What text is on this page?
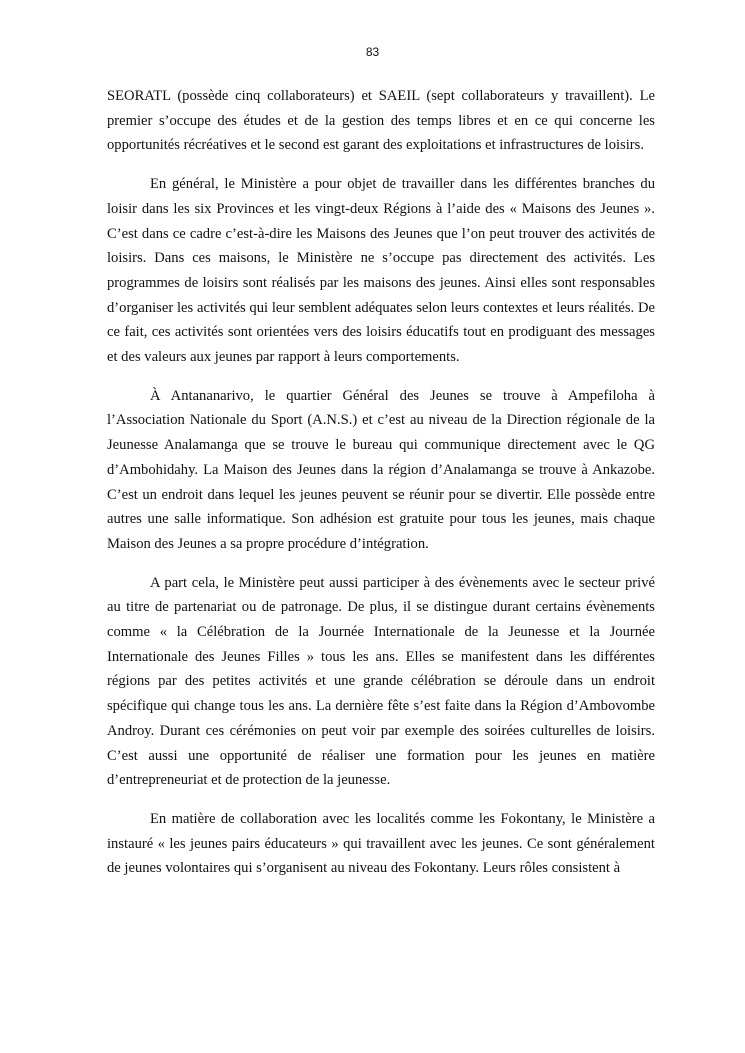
83

SEORATL (possède cinq collaborateurs) et SAEIL (sept collaborateurs y travaillent). Le premier s’occupe des études et de la gestion des temps libres et en ce qui concerne les opportunités récréatives et le second est garant des exploitations et infrastructures de loisirs.

En général, le Ministère a pour objet de travailler dans les différentes branches du loisir dans les six Provinces et les vingt-deux Régions à l’aide des « Maisons des Jeunes ». C’est dans ce cadre c’est-à-dire les Maisons des Jeunes que l’on peut trouver des activités de loisirs. Dans ces maisons, le Ministère ne s’occupe pas directement des activités. Les programmes de loisirs sont réalisés par les maisons des jeunes. Ainsi elles sont responsables d’organiser les activités qui leur semblent adéquates selon leurs contextes et leurs réalités. De ce fait, ces activités sont orientées vers des loisirs éducatifs tout en prodiguant des messages et des valeurs aux jeunes par rapport à leurs comportements.

À Antananarivo, le quartier Général des Jeunes se trouve à Ampefiloha à l’Association Nationale du Sport (A.N.S.) et c’est au niveau de la Direction régionale de la Jeunesse Analamanga que se trouve le bureau qui communique directement avec le QG d’Ambohidahy. La Maison des Jeunes dans la région d’Analamanga se trouve à Ankazobe. C’est un endroit dans lequel les jeunes peuvent se réunir pour se divertir. Elle possède entre autres une salle informatique. Son adhésion est gratuite pour tous les jeunes, mais chaque Maison des Jeunes a sa propre procédure d’intégration.

A part cela, le Ministère peut aussi participer à des évènements avec le secteur privé au titre de partenariat ou de patronage. De plus, il se distingue durant certains évènements comme « la Célébration de la Journée Internationale de la Jeunesse et la Journée Internationale des Jeunes Filles » tous les ans. Elles se manifestent dans les différentes régions par des petites activités et une grande célébration se déroule dans un endroit spécifique qui change tous les ans. La dernière fête s’est faite dans la Région d’Ambovombe Androy. Durant ces cérémonies on peut voir par exemple des soirées culturelles de loisirs. C’est aussi une opportunité de réaliser une formation pour les jeunes en matière d’entrepreneuriat et de protection de la jeunesse.

En matière de collaboration avec les localités comme les Fokontany, le Ministère a instauré « les jeunes pairs éducateurs » qui travaillent avec les jeunes. Ce sont généralement de jeunes volontaires qui s’organisent au niveau des Fokontany. Leurs rôles consistent à
